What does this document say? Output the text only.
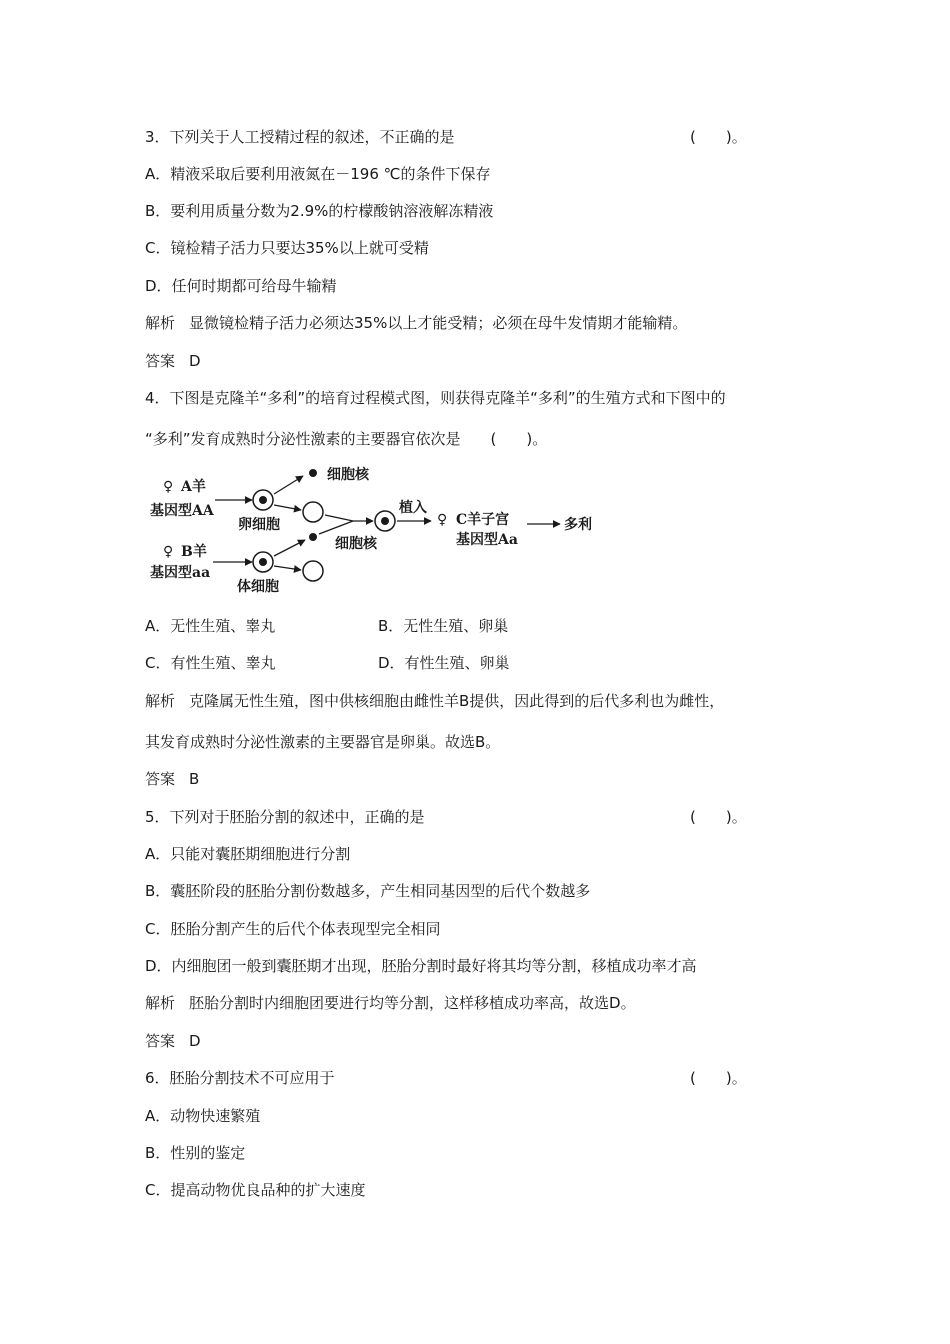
3．下列关于人工授精过程的叙述，不正确的是	(　　)。
A．精液采取后要利用液氮在－196 ℃的条件下保存
B．要利用质量分数为2.9%的柠檬酸钠溶液解冻精液
C．镜检精子活力只要达35%以上就可受精
D．任何时期都可给母牛输精
解析 显微镜检精子活力必须达35%以上才能受精；必须在母牛发情期才能输精。
答案 D
4．下图是克隆羊“多利”的培育过程模式图，则获得克隆羊“多利”的生殖方式和下图中的
“多利”发育成熟时分泌性激素的主要器官依次是 (　　)。
♀ A羊
基因型AA
卵细胞
细胞核
♀ B羊
基因型aa
体细胞
细胞核
植入
♀ C羊子宫
基因型Aa
多利
A．无性生殖、睾丸	B．无性生殖、卵巢
C．有性生殖、睾丸	D．有性生殖、卵巢
解析 克隆属无性生殖，图中供核细胞由雌性羊B提供，因此得到的后代多利也为雌性，
其发育成熟时分泌性激素的主要器官是卵巢。故选B。
答案 B
5．下列对于胚胎分割的叙述中，正确的是	(　　)。
A．只能对囊胚期细胞进行分割
B．囊胚阶段的胚胎分割份数越多，产生相同基因型的后代个数越多
C．胚胎分割产生的后代个体表现型完全相同
D．内细胞团一般到囊胚期才出现，胚胎分割时最好将其均等分割，移植成功率才高
解析 胚胎分割时内细胞团要进行均等分割，这样移植成功率高，故选D。
答案 D
6．胚胎分割技术不可应用于	(　　)。
A．动物快速繁殖
B．性别的鉴定
C．提高动物优良品种的扩大速度
